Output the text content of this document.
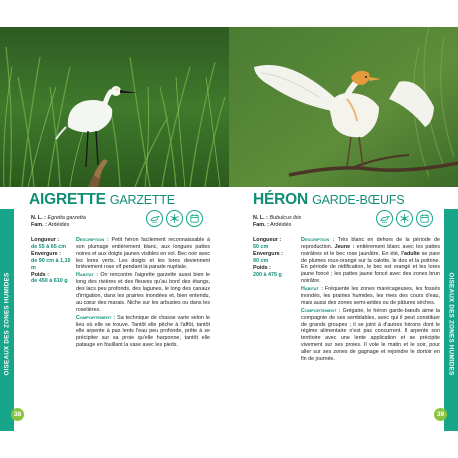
OISEAUX DES ZONES HUMIDES
AIGRETTE GARZETTE
N. L. : Egretta garzetta
Fam. : Ardéidés
Longueur :
de 55 à 65 cm
Envergure :
de 90 cm à 1,10 m
Poids :
de 450 à 610 g

Description : Petit héron facilement reconnaissable à son plumage entièrement blanc, aux longues pattes noires et aux doigts jaunes visibles en vol. Bec noir avec les lores verts. Les doigts et les lores deviennent brièvement rose vif pendant la parade nuptiale.

Habitat : On rencontre l'aigrette garzette aussi bien le long des rivières et des fleuves qu'au bord des étangs, des lacs peu profonds, des lagunes, le long des canaux d'irrigation, dans les prairies inondées et, bien entendu, au cœur des marais. Niche sur les arbustes ou dans les roselières.

Comportement : Sa technique de chasse varie selon le lieu où elle se trouve. Tantôt elle pêche à l'affût, tantôt elle arpente à pas lents l'eau peu profonde, prête à se précipiter sur sa proie qu'elle harponne, tantôt elle patauge en fouillant la vase avec les pieds.

38
OISEAUX DES ZONES HUMIDES
HÉRON GARDE-BŒUFS
N. L. : Bubulcus ibis
Fam. : Ardéidés
Longueur :
50 cm
Envergure :
90 cm
Poids :
200 à 475 g

Description : Très blanc en dehors de la période de reproduction. Jeune : entièrement blanc avec les pattes noirâtres et le bec rose jaunâtre. En été, l'adulte se pare de plumes roux-orangé sur la calotte, le dos et la poitrine. En période de nidification, le bec est orangé et les lores jaune foncé ; les pattes jaune foncé avec des zones brun noirâtre.

Habitat : Fréquente les zones marécageuses, les fossés inondés, les prairies humides, les rives des cours d'eau, mais aussi des zones semi-arides ou de pâtures sèches.

Comportement : Grégaire, le héron garde-bœufs aime la compagnie de ses semblables, avec qui il peut constituer de grands groupes ; il se joint à d'autres hérons dont le régime alimentaire n'est pas concurrent. Il arpente son territoire avec une lente application et se précipite vivement sur ses proies. Il vole le matin et le soir, pour aller sur ses zones de gagnage et rejoindre le dortoir en fin de journée.

39
